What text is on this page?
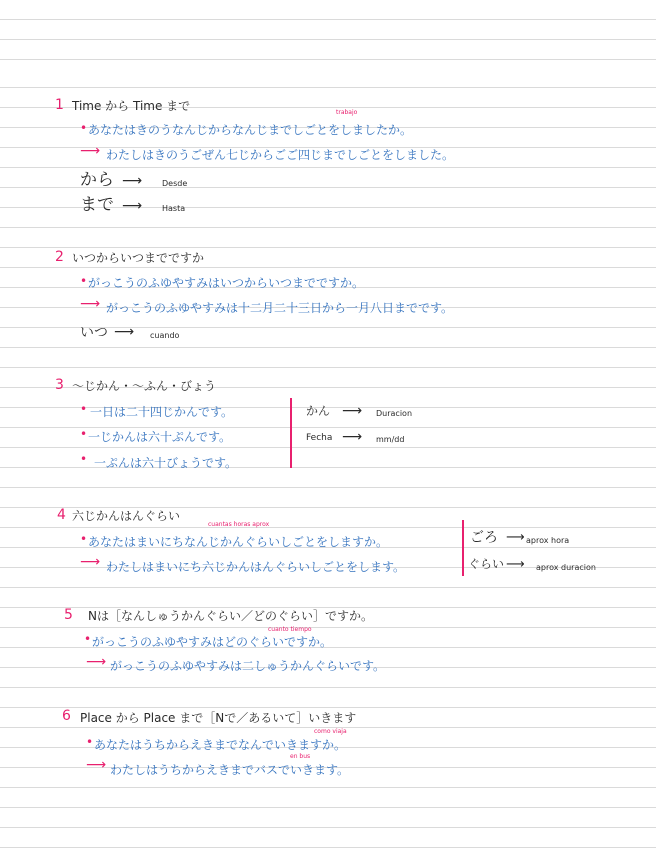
1 Time から Time まで	trabajo
• あなたはきのうなんじからなんじまでしごとをしましたか。
⟶ わたしはきのうごぜん七じからごご四じまでしごとをしました。
から ⟶ Desde
まで ⟶ Hasta
2 いつからいつまでですか
• がっこうのふゆやすみはいつからいつまでですか。
⟶ がっこうのふゆやすみは十二月二十三日から一月八日までです。
いつ ⟶ cuando
3 〜じかん・〜ふん・びょう
• 一日は二十四じかんです。
• 一じかんは六十ぷんです。
• 一ぷんは六十びょうです。
かん ⟶ Duracion
Fecha ⟶ mm/dd
4 六じかんはんぐらい
cuantas horas aprox
• あなたはまいにちなんじかんぐらいしごとをしますか。
⟶ わたしはまいにち六じかんはんぐらいしごとをします。
ごろ ⟶ aprox hora
ぐらい ⟶ aprox duracion
5 Nは［なんしゅうかんぐらい／どのぐらい］ですか。
cuanto tiempo
• がっこうのふゆやすみはどのぐらいですか。
⟶ がっこうのふゆやすみは二しゅうかんぐらいです。
6 Place から Place まで［Nで／あるいて］いきます
como viaja
• あなたはうちからえきまでなんでいきますか。
en bus
⟶ わたしはうちからえきまでバスでいきます。
